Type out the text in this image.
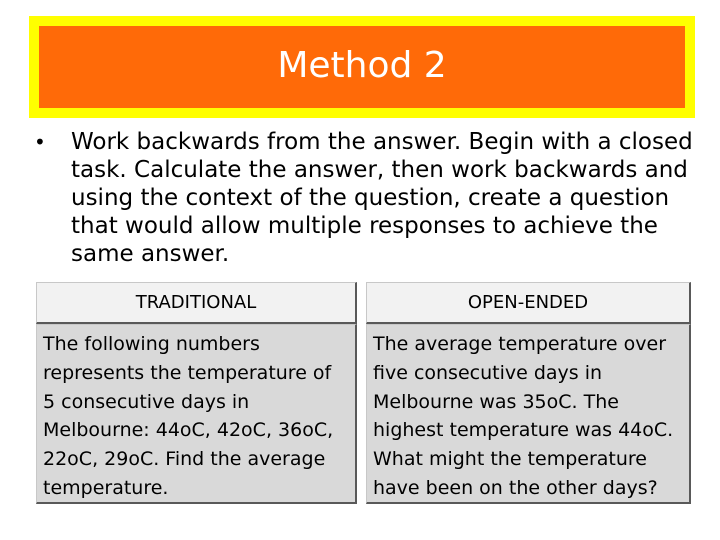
Method 2
• Work backwards from the answer. Begin with a closed task. Calculate the answer, then work backwards and using the context of the question, create a question that would allow multiple responses to achieve the same answer.
TRADITIONAL	OPEN-ENDED
The following numbers represents the temperature of 5 consecutive days in Melbourne: 44oC, 42oC, 36oC, 22oC, 29oC. Find the average temperature.
The average temperature over five consecutive days in Melbourne was 35oC. The highest temperature was 44oC. What might the temperature have been on the other days?
